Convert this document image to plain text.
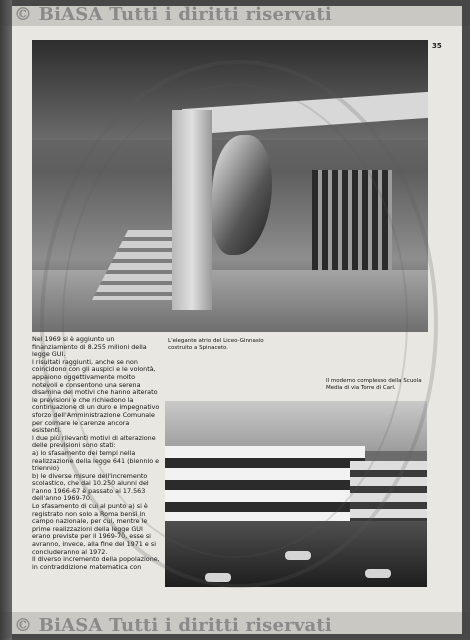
© BiASA Tutti i diritti riservati
35
L'elegante atrio del Liceo-Ginnasio costruito a Spinaceto.
Il moderno complesso della Scuola Media di via Torre di Carl.

Nel 1969 si è aggiunto un finanziamento di 8.255 milioni della legge GUI.

I risultati raggiunti, anche se non coincidono con gli auspici e le volontà, appaiono oggettivamente molto notevoli e consentono una serena disamina dei motivi che hanno alterato le previsioni e che richiedono la continuazione di un duro e impegnativo sforzo dell'Amministrazione Comunale per colmare le carenze ancora esistenti.

I due più rilevanti motivi di alterazione delle previsioni sono stati:

a) lo sfasamento dei tempi nella realizzazione della legge 641 (biennio e triennio)

b) le diverse misure dell'incremento scolastico, che dai 10.250 alunni del l'anno 1966-67 è passato ai 17.563 dell'anno 1969-70.

Lo sfasamento di cui al punto a) si è registrato non solo a Roma bensì in campo nazionale, per cui, mentre le prime realizzazioni della legge GUI erano previste per il 1969-70, esse si avranno, invece, alla fine del 1971 e si concluderanno al 1972.

Il diverso incremento della popolazione, in contraddizione matematica con

© BiASA Tutti i diritti riservati
